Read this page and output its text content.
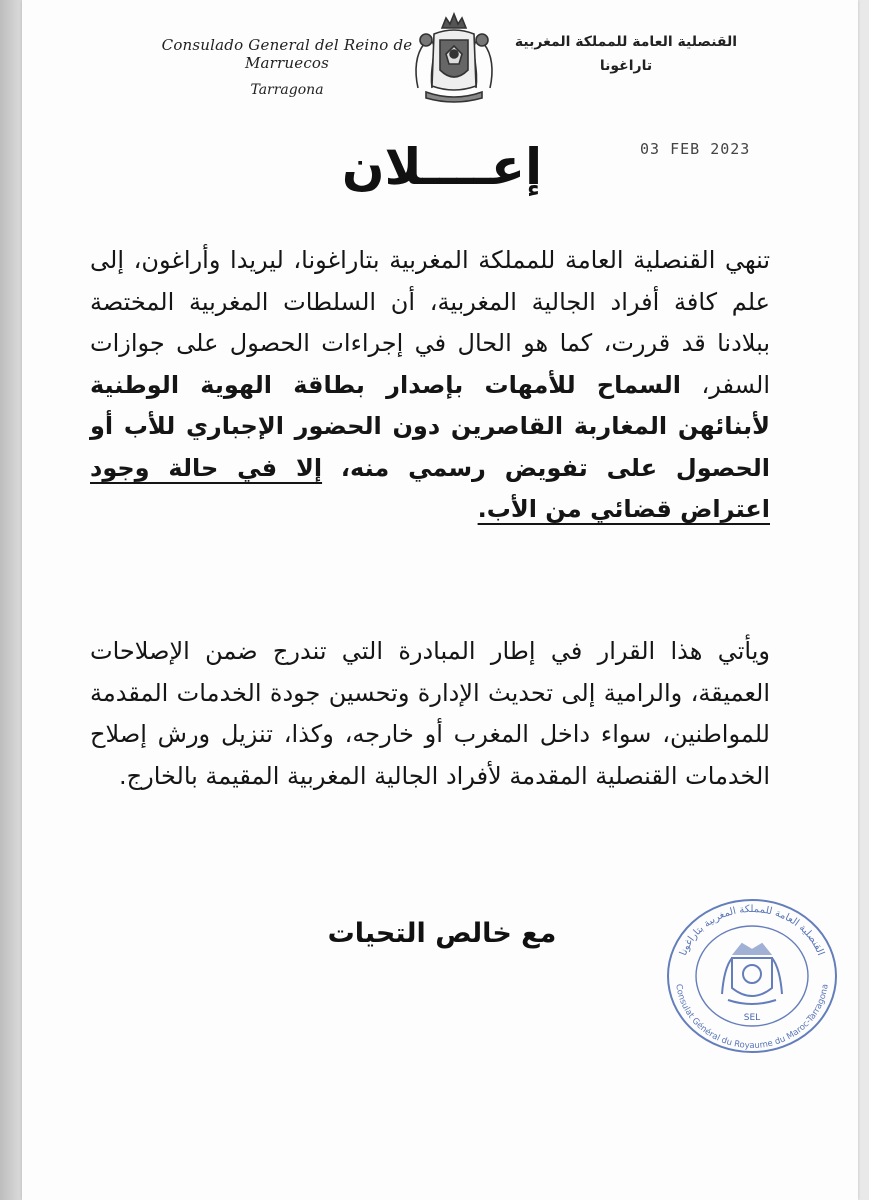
Consulado General del Reino de Marruecos
Tarragona
القنصلية العامة للمملكة المغربية
تاراغونا
03 FEB 2023
إعــــلان
تنهي القنصلية العامة للمملكة المغربية بتاراغونا، ليريدا وأراغون، إلى علم كافة أفراد الجالية المغربية، أن السلطات المغربية المختصة ببلادنا قد قررت، كما هو الحال في إجراءات الحصول على جوازات السفر، السماح للأمهات بإصدار بطاقة الهوية الوطنية لأبنائهن المغاربة القاصرين دون الحضور الإجباري للأب أو الحصول على تفويض رسمي منه، إلا في حالة وجود اعتراض قضائي من الأب.
ويأتي هذا القرار في إطار المبادرة التي تندرج ضمن الإصلاحات العميقة، والرامية إلى تحديث الإدارة وتحسين جودة الخدمات المقدمة للمواطنين، سواء داخل المغرب أو خارجه، وكذا، تنزيل ورش إصلاح الخدمات القنصلية المقدمة لأفراد الجالية المغربية المقيمة بالخارج.
مع خالص التحيات
القنصلية العامة للمملكة المغربية بتاراغونا
Consulat Général du Royaume du Maroc-Tarragona
SEL
